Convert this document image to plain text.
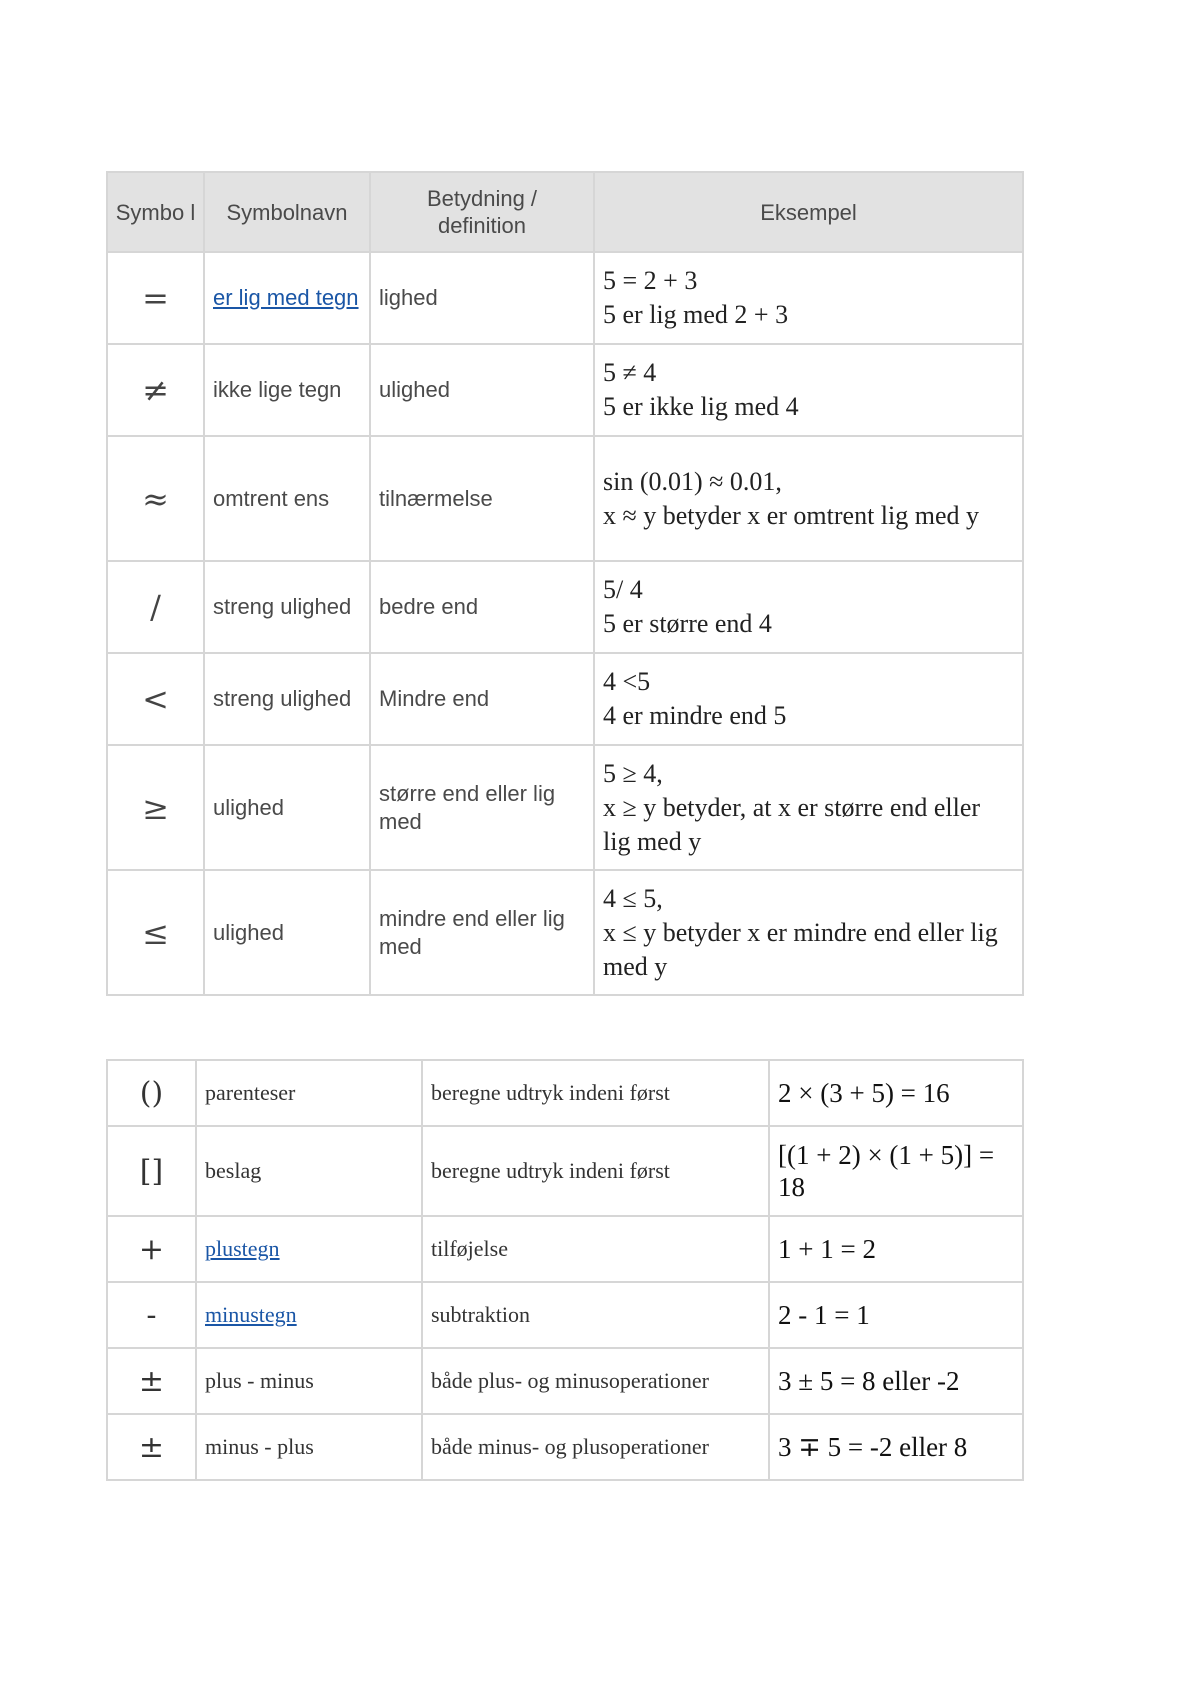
Symbo l	Symbolnavn	Betydning / definition	Eksempel
=	er lig med tegn	lighed	5 = 2 + 3
5 er lig med 2 + 3

≠	ikke lige tegn	ulighed	5 ≠ 4
5 er ikke lig med 4

≈	omtrent ens	tilnærmelse	sin (0.01) ≈ 0.01,
x ≈ y betyder x er omtrent lig med y

/	streng ulighed	bedre end	5/ 4
5 er større end 4

<	streng ulighed	Mindre end	4 <5
4 er mindre end 5

≥	ulighed	større end eller lig med	5 ≥ 4,
x ≥ y betyder, at x er større end eller lig med y

≤	ulighed	mindre end eller lig med	4 ≤ 5,
x ≤ y betyder x er mindre end eller lig med y
()	parenteser	beregne udtryk indeni først	2 × (3 + 5) = 16
[]	beslag	beregne udtryk indeni først	[(1 + 2) × (1 + 5)] = 18
+	plustegn	tilføjelse	1 + 1 = 2
-	minustegn	subtraktion	2 - 1 = 1
±	plus - minus	både plus- og minusoperationer	3 ± 5 = 8 eller -2
±	minus - plus	både minus- og plusoperationer	3 ∓ 5 = -2 eller 8
